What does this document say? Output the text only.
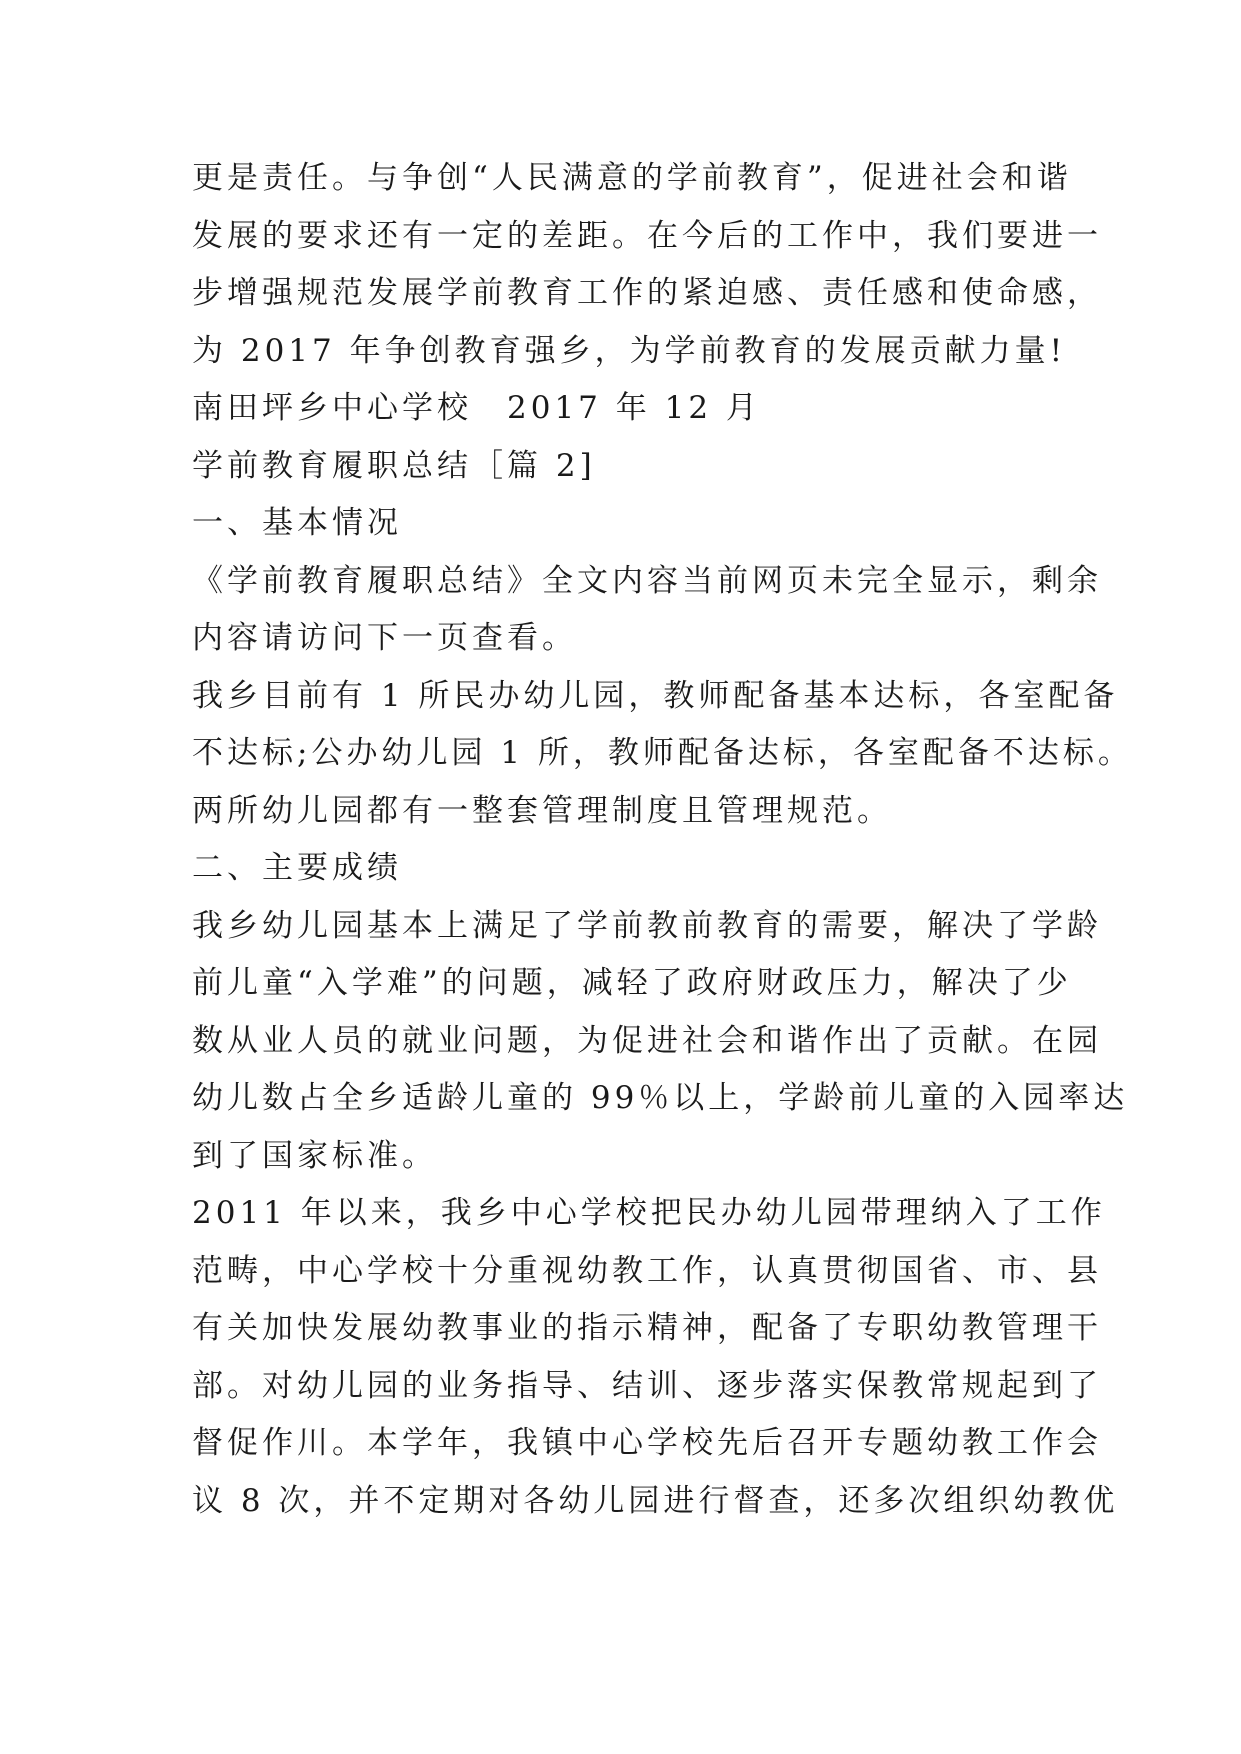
更是责任。与争创“人民满意的学前教育”，促进社会和谐
发展的要求还有一定的差距。在今后的工作中，我们要进一
步增强规范发展学前教育工作的紧迫感、责任感和使命感，
为 2017 年争创教育强乡，为学前教育的发展贡献力量!
南田坪乡中心学校　2017 年 12 月
学前教育履职总结［篇 2]
一、基本情况
《学前教育履职总结》全文内容当前网页未完全显示，剩余
内容请访问下一页查看。
我乡目前有 1 所民办幼儿园，教师配备基本达标，各室配备
不达标;公办幼儿园 1 所，教师配备达标，各室配备不达标。
两所幼儿园都有一整套管理制度且管理规范。
二、主要成绩
我乡幼儿园基本上满足了学前教前教育的需要，解决了学龄
前儿童“入学难”的问题，减轻了政府财政压力，解决了少
数从业人员的就业问题，为促进社会和谐作出了贡献。在园
幼儿数占全乡适龄儿童的 99％以上，学龄前儿童的入园率达
到了国家标准。
2011 年以来，我乡中心学校把民办幼儿园带理纳入了工作
范畴，中心学校十分重视幼教工作，认真贯彻国省、市、县
有关加快发展幼教事业的指示精神，配备了专职幼教管理干
部。对幼儿园的业务指导、结训、逐步落实保教常规起到了
督促作川。本学年，我镇中心学校先后召开专题幼教工作会
议 8 次，并不定期对各幼儿园进行督查，还多次组织幼教优
